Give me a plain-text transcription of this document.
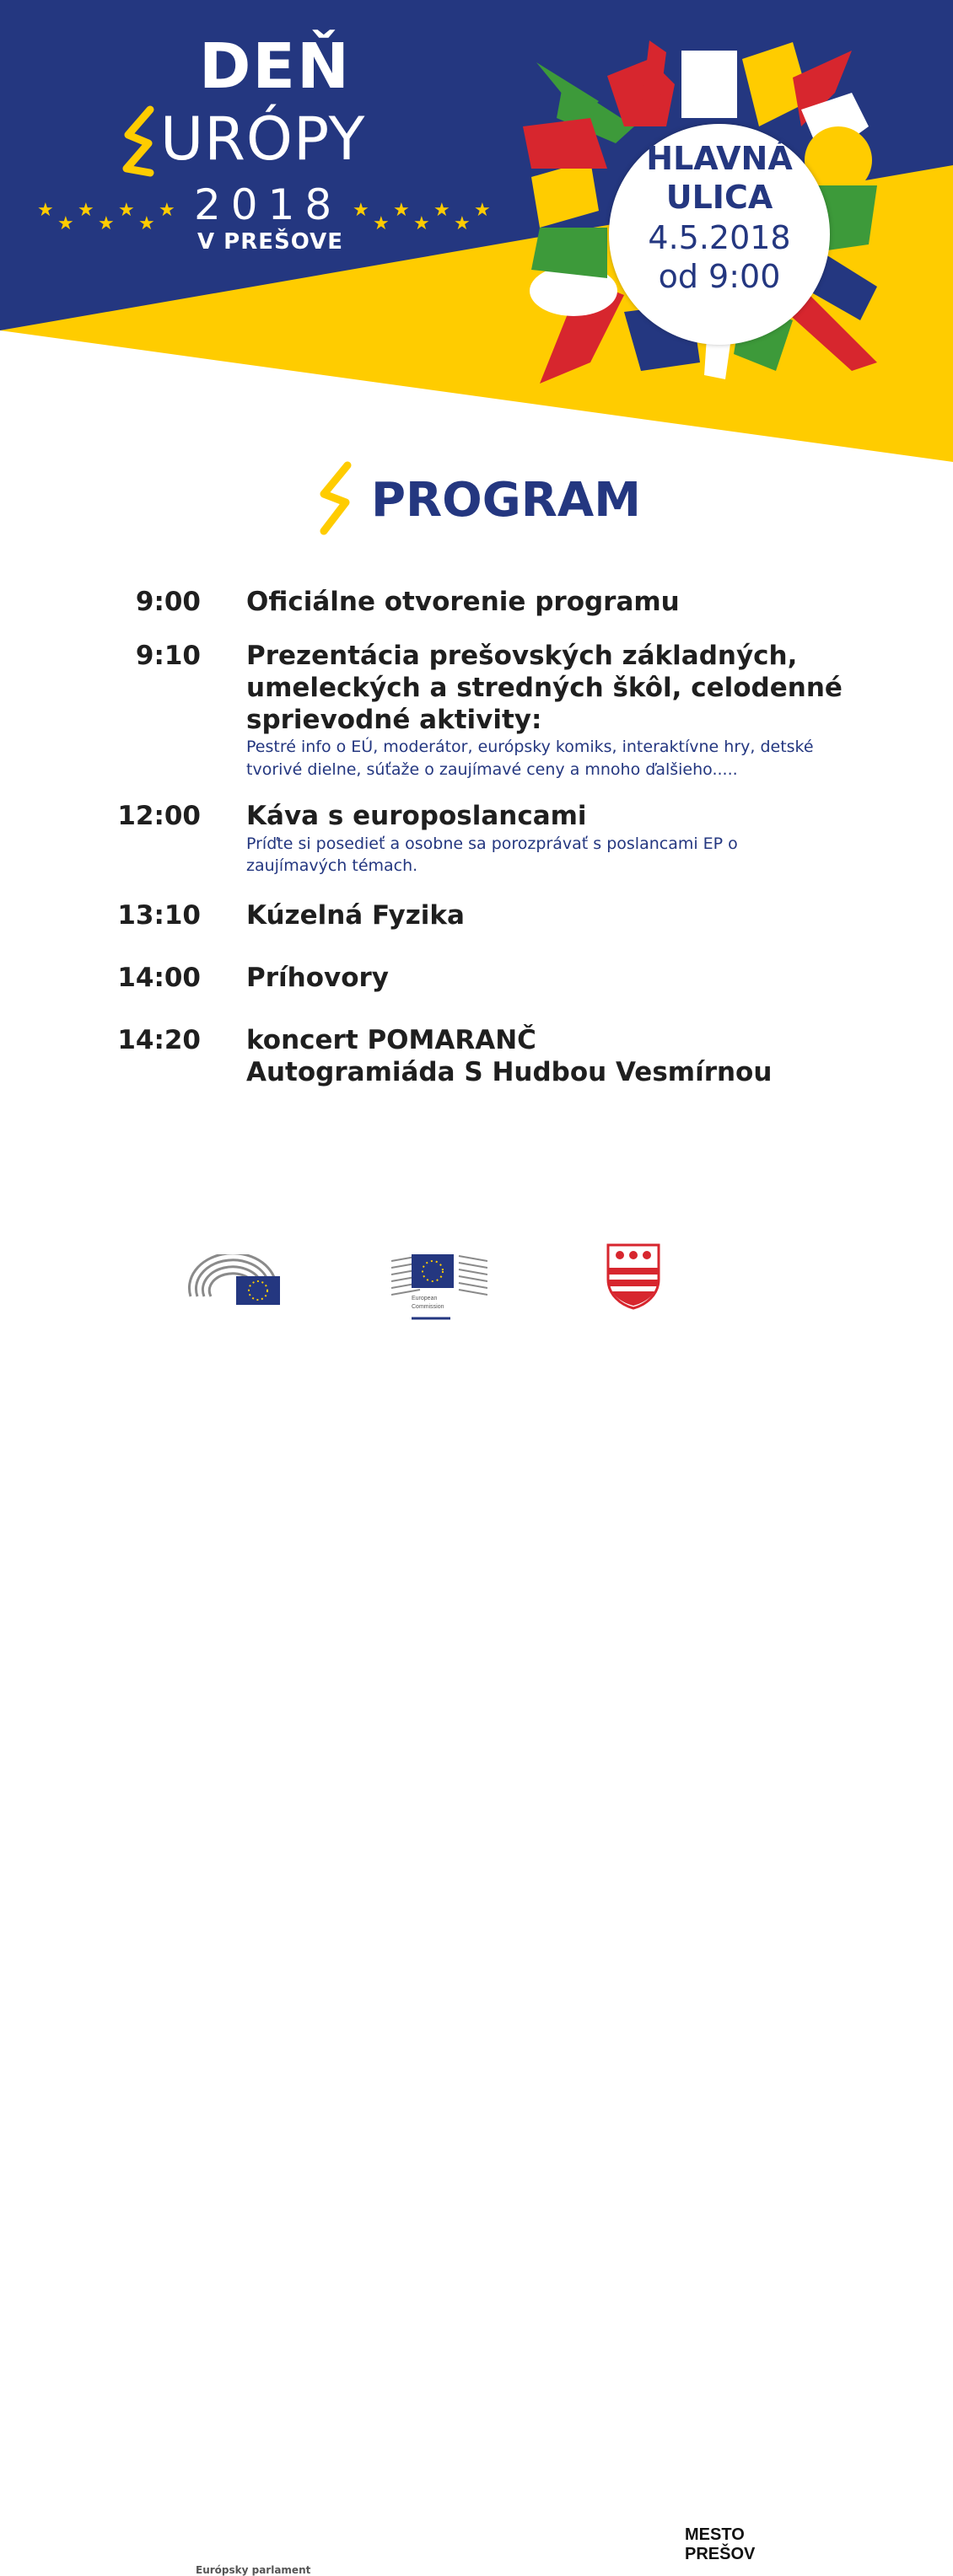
★
★
★
★
★
★
★	★
★
★
★
★
★
★
DEŇ
URÓPY
2018
V PREŠOVE
HLAVNÁ
ULICA
4.5.2018
od 9:00
PROGRAM
9:00 Oficiálne otvorenie programu
9:10 Prezentácia prešovských základných, umeleckých a stredných škôl, celodenné sprievodné aktivity:
Pestré info o EÚ, moderátor, európsky komiks, interaktívne hry, detské tvorivé dielne, súťaže o zaujímavé ceny a mnoho ďalšieho.....
12:00 Káva s europoslancami
Príďte si posedieť a osobne sa porozprávať s poslancami EP o zaujímavých témach.
13:10 Kúzelná Fyzika
14:00 Príhovory
14:20 koncert POMARANČ
Autogramiáda S Hudbou Vesmírnou
Európsky parlament
European
Commission
MESTO
PREŠOV
